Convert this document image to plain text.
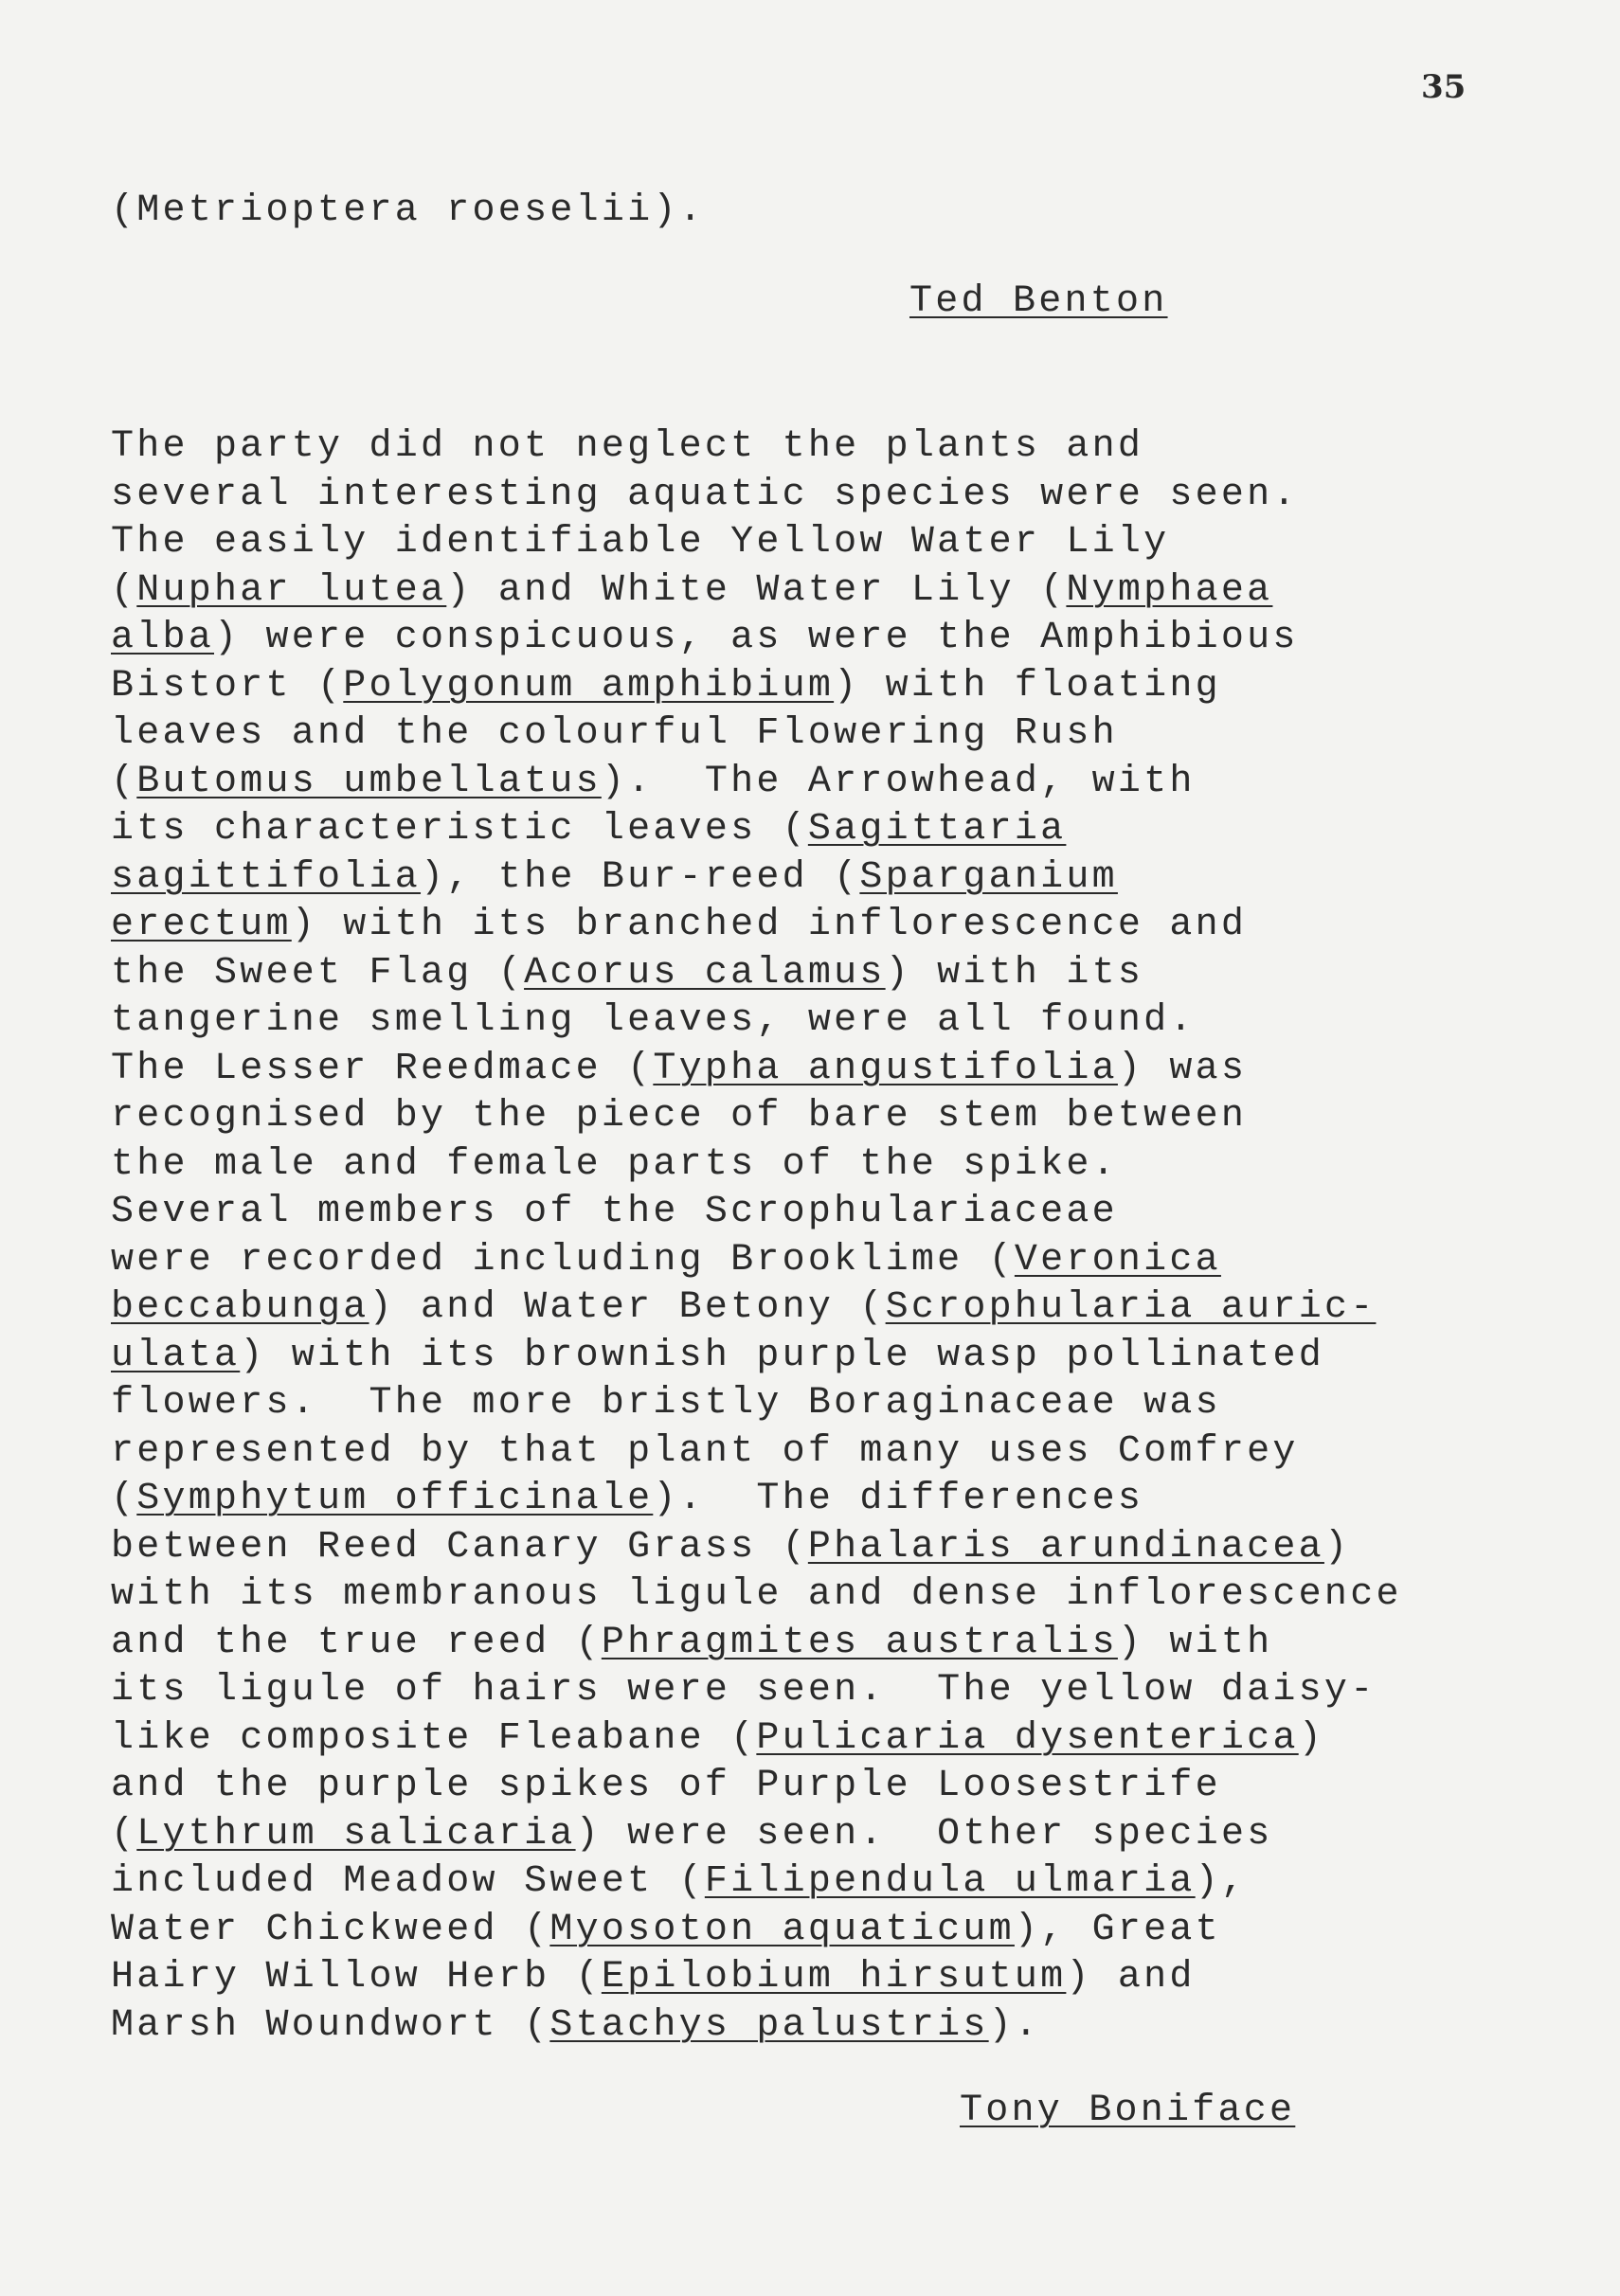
35
(Metrioptera roeselii).
Ted Benton
The party did not neglect the plants and
several interesting aquatic species were seen.
The easily identifiable Yellow Water Lily
(Nuphar lutea) and White Water Lily (Nymphaea
alba) were conspicuous, as were the Amphibious
Bistort (Polygonum amphibium) with floating
leaves and the colourful Flowering Rush
(Butomus umbellatus).  The Arrowhead, with
its characteristic leaves (Sagittaria
sagittifolia), the Bur-reed (Sparganium
erectum) with its branched inflorescence and
the Sweet Flag (Acorus calamus) with its
tangerine smelling leaves, were all found.
The Lesser Reedmace (Typha angustifolia) was
recognised by the piece of bare stem between
the male and female parts of the spike.
Several members of the Scrophulariaceae
were recorded including Brooklime (Veronica
beccabunga) and Water Betony (Scrophularia auric-
ulata) with its brownish purple wasp pollinated
flowers.  The more bristly Boraginaceae was
represented by that plant of many uses Comfrey
(Symphytum officinale).  The differences
between Reed Canary Grass (Phalaris arundinacea)
with its membranous ligule and dense inflorescence
and the true reed (Phragmites australis) with
its ligule of hairs were seen.  The yellow daisy-
like composite Fleabane (Pulicaria dysenterica)
and the purple spikes of Purple Loosestrife
(Lythrum salicaria) were seen.  Other species
included Meadow Sweet (Filipendula ulmaria),
Water Chickweed (Myosoton aquaticum), Great
Hairy Willow Herb (Epilobium hirsutum) and
Marsh Woundwort (Stachys palustris).
Tony Boniface
